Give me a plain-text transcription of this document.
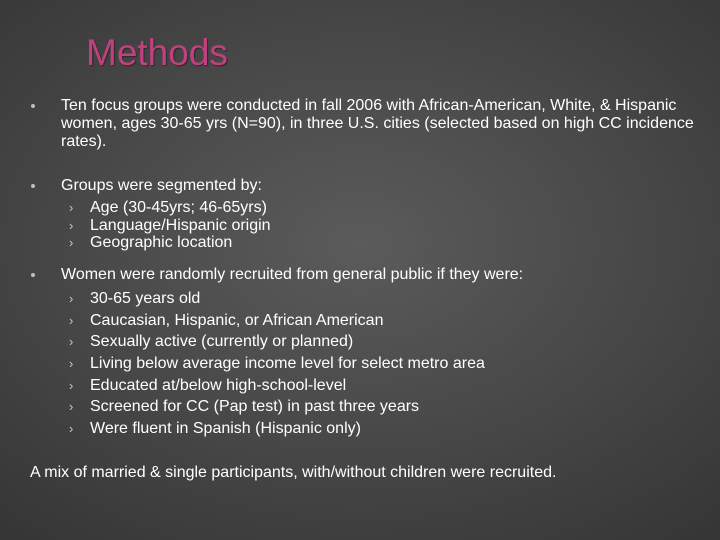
Methods
Ten focus groups were conducted in fall 2006 with African-American, White, & Hispanic women, ages 30-65 yrs (N=90), in three U.S. cities (selected based on high CC incidence rates).
Groups were segmented by:
› Age (30-45yrs; 46-65yrs)
› Language/Hispanic origin
› Geographic location
Women were randomly recruited from general public if they were:
› 30-65 years old
› Caucasian, Hispanic, or African American
› Sexually active (currently or planned)
› Living below average income level for select metro area
› Educated at/below high-school-level
› Screened for CC (Pap test) in past three years
› Were fluent in Spanish (Hispanic only)
A mix of married & single participants, with/without children were recruited.
